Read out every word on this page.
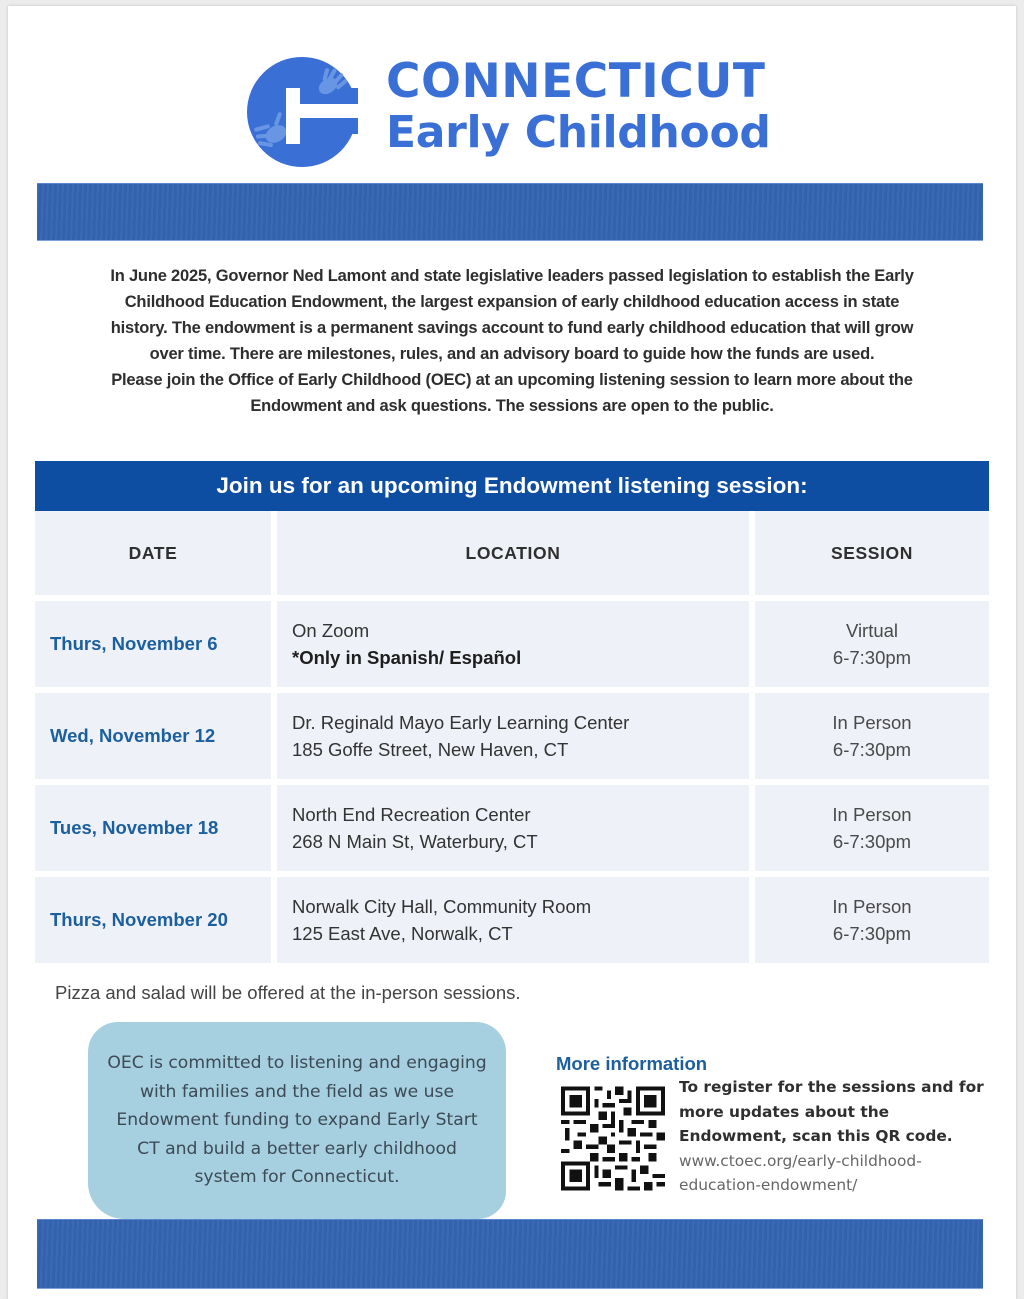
CONNECTICUT
Early Childhood
In June 2025, Governor Ned Lamont and state legislative leaders passed legislation to establish the Early
Childhood Education Endowment, the largest expansion of early childhood education access in state
history. The endowment is a permanent savings account to fund early childhood education that will grow
over time. There are milestones, rules, and an advisory board to guide how the funds are used.
Please join the Office of Early Childhood (OEC) at an upcoming listening session to learn more about the
Endowment and ask questions. The sessions are open to the public.
Join us for an upcoming Endowment listening session:
DATE	LOCATION	SESSION
Thurs, November 6
On Zoom
*Only in Spanish/ Español
Virtual
6-7:30pm
Wed, November 12
Dr. Reginald Mayo Early Learning Center
185 Goffe Street, New Haven, CT
In Person
6-7:30pm
Tues, November 18
North End Recreation Center
268 N Main St, Waterbury, CT
In Person
6-7:30pm
Thurs, November 20
Norwalk City Hall, Community Room
125 East Ave, Norwalk, CT
In Person
6-7:30pm
Pizza and salad will be offered at the in-person sessions.
OEC is committed to listening and engaging
with families and the field as we use
Endowment funding to expand Early Start
CT and build a better early childhood
system for Connecticut.
More information
To register for the sessions and for
more updates about the
Endowment, scan this QR code.
www.ctoec.org/early-childhood-
education-endowment/
